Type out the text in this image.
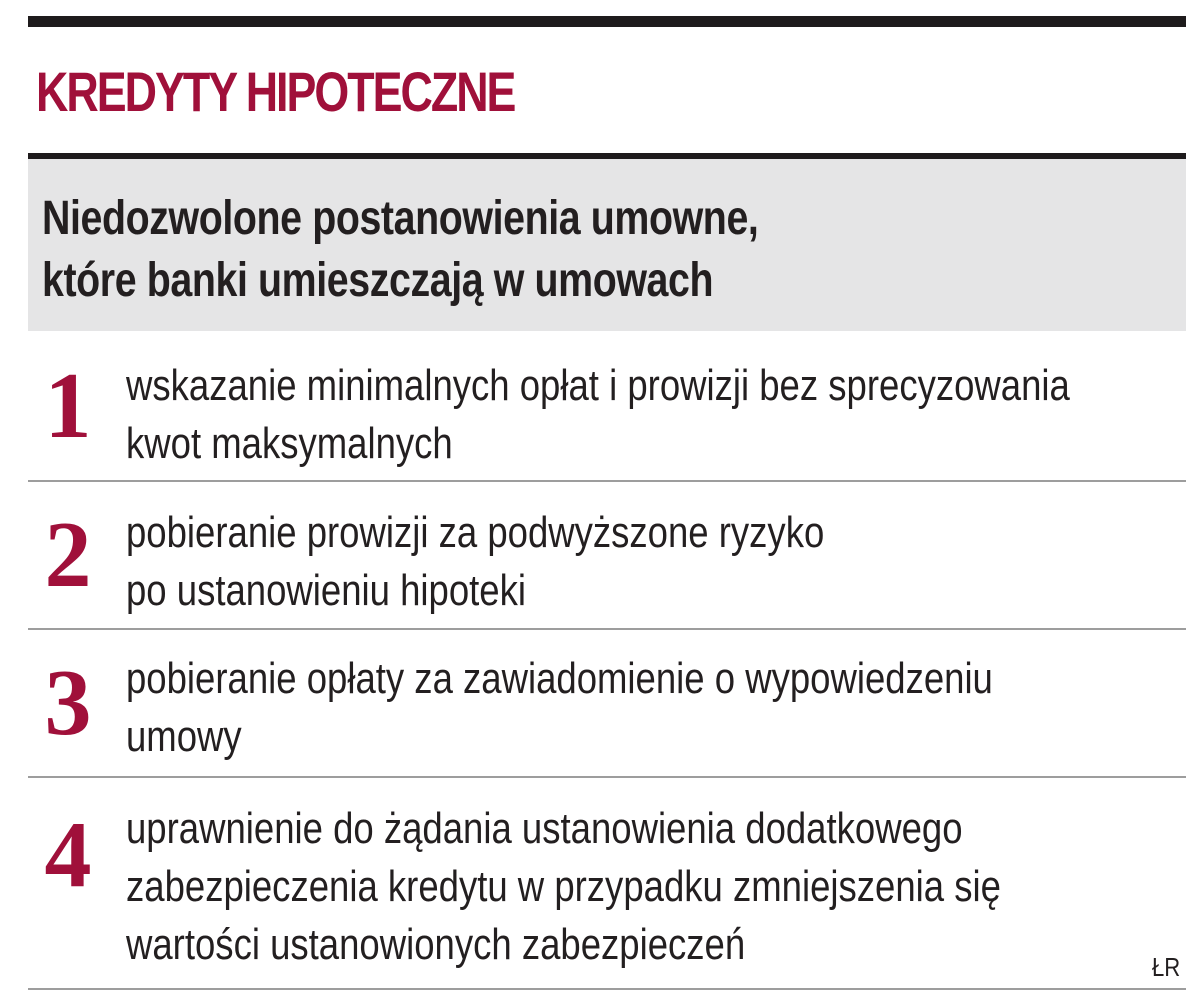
KREDYTY HIPOTECZNE
Niedozwolone postanowienia umowne,
które banki umieszczają w umowach
1 wskazanie minimalnych opłat i prowizji bez sprecyzowania
kwot maksymalnych
2 pobieranie prowizji za podwyższone ryzyko
po ustanowieniu hipoteki
3 pobieranie opłaty za zawiadomienie o wypowiedzeniu
umowy
4 uprawnienie do żądania ustanowienia dodatkowego
zabezpieczenia kredytu w przypadku zmniejszenia się
wartości ustanowionych zabezpieczeń	ŁR
